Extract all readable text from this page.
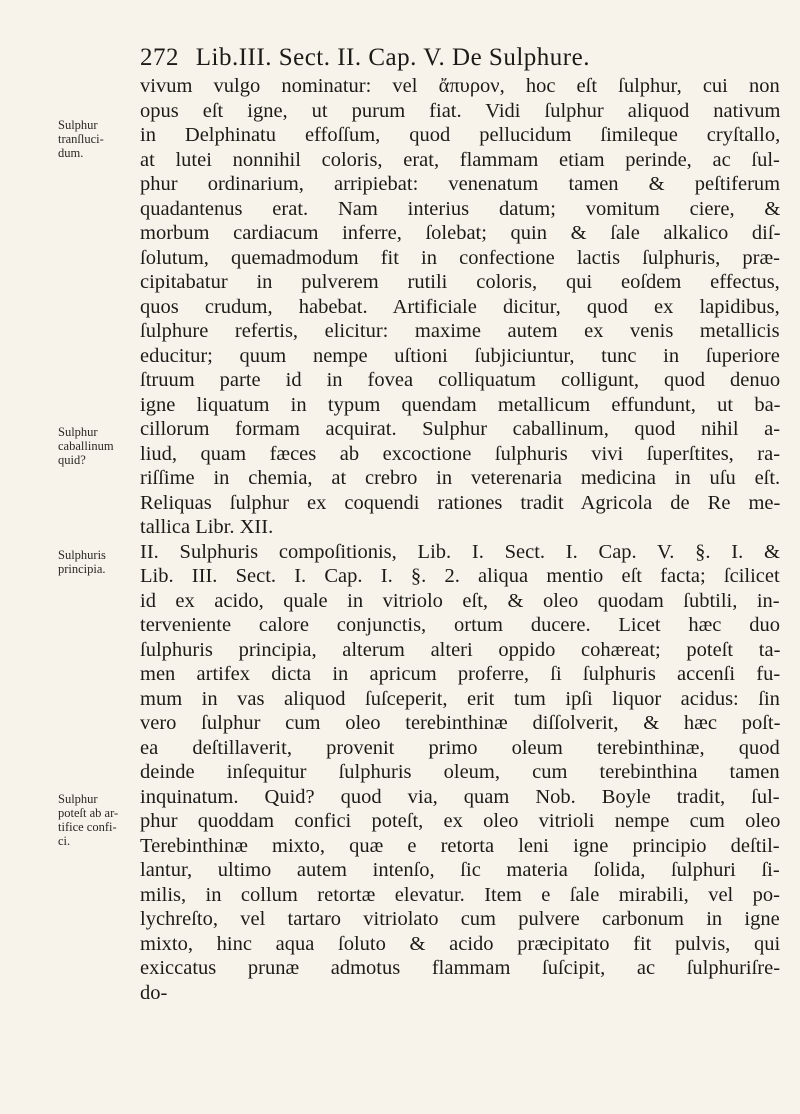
272 Lib.III. Sect. II. Cap. V. De Sulphure.
Sulphur
tranſluci-
dum.
Sulphur
caballinum
quid?
Sulphuris
principia.
Sulphur
poteſt ab ar-
tifice confi-
ci.
vivum vulgo nominatur: vel ἄπυρον, hoc eſt ſulphur, cui non
opus eſt igne, ut purum fiat. Vidi ſulphur aliquod nativum
in Delphinatu effoſſum, quod pellucidum ſimileque cryſtallo,
at lutei nonnihil coloris, erat, flammam etiam perinde, ac ſul-
phur ordinarium, arripiebat: venenatum tamen & peſtiferum
quadantenus erat. Nam interius datum; vomitum ciere, &
morbum cardiacum inferre, ſolebat; quin & ſale alkalico diſ-
ſolutum, quemadmodum fit in confectione lactis ſulphuris, præ-
cipitabatur in pulverem rutili coloris, qui eoſdem effectus,
quos crudum, habebat. Artificiale dicitur, quod ex lapidibus,
ſulphure refertis, elicitur: maxime autem ex venis metallicis
educitur; quum nempe uſtioni ſubjiciuntur, tunc in ſuperiore
ſtruum parte id in fovea colliquatum colligunt, quod denuo
igne liquatum in typum quendam metallicum effundunt, ut ba-
cillorum formam acquirat. Sulphur caballinum, quod nihil a-
liud, quam fæces ab excoctione ſulphuris vivi ſuperſtites, ra-
riſſime in chemia, at crebro in veterenaria medicina in uſu eſt.
Reliquas ſulphur ex coquendi rationes tradit Agricola de Re me-
tallica Libr. XII.
II. Sulphuris compoſitionis, Lib. I. Sect. I. Cap. V. §. I. &
Lib. III. Sect. I. Cap. I. §. 2. aliqua mentio eſt facta; ſcilicet
id ex acido, quale in vitriolo eſt, & oleo quodam ſubtili, in-
terveniente calore conjunctis, ortum ducere. Licet hæc duo
ſulphuris principia, alterum alteri oppido cohæreat; poteſt ta-
men artifex dicta in apricum proferre, ſi ſulphuris accenſi fu-
mum in vas aliquod ſuſceperit, erit tum ipſi liquor acidus: ſin
vero ſulphur cum oleo terebinthinæ diſſolverit, & hæc poſt-
ea deſtillaverit, provenit primo oleum terebinthinæ, quod
deinde inſequitur ſulphuris oleum, cum terebinthina tamen
inquinatum. Quid? quod via, quam Nob. Boyle tradit, ſul-
phur quoddam confici poteſt, ex oleo vitrioli nempe cum oleo
Terebinthinæ mixto, quæ e retorta leni igne principio deſtil-
lantur, ultimo autem intenſo, ſic materia ſolida, ſulphuri ſi-
milis, in collum retortæ elevatur. Item e ſale mirabili, vel po-
lychreſto, vel tartaro vitriolato cum pulvere carbonum in igne
mixto, hinc aqua ſoluto & acido præcipitato fit pulvis, qui
exiccatus prunæ admotus flammam ſuſcipit, ac ſulphuriſre-
do-
